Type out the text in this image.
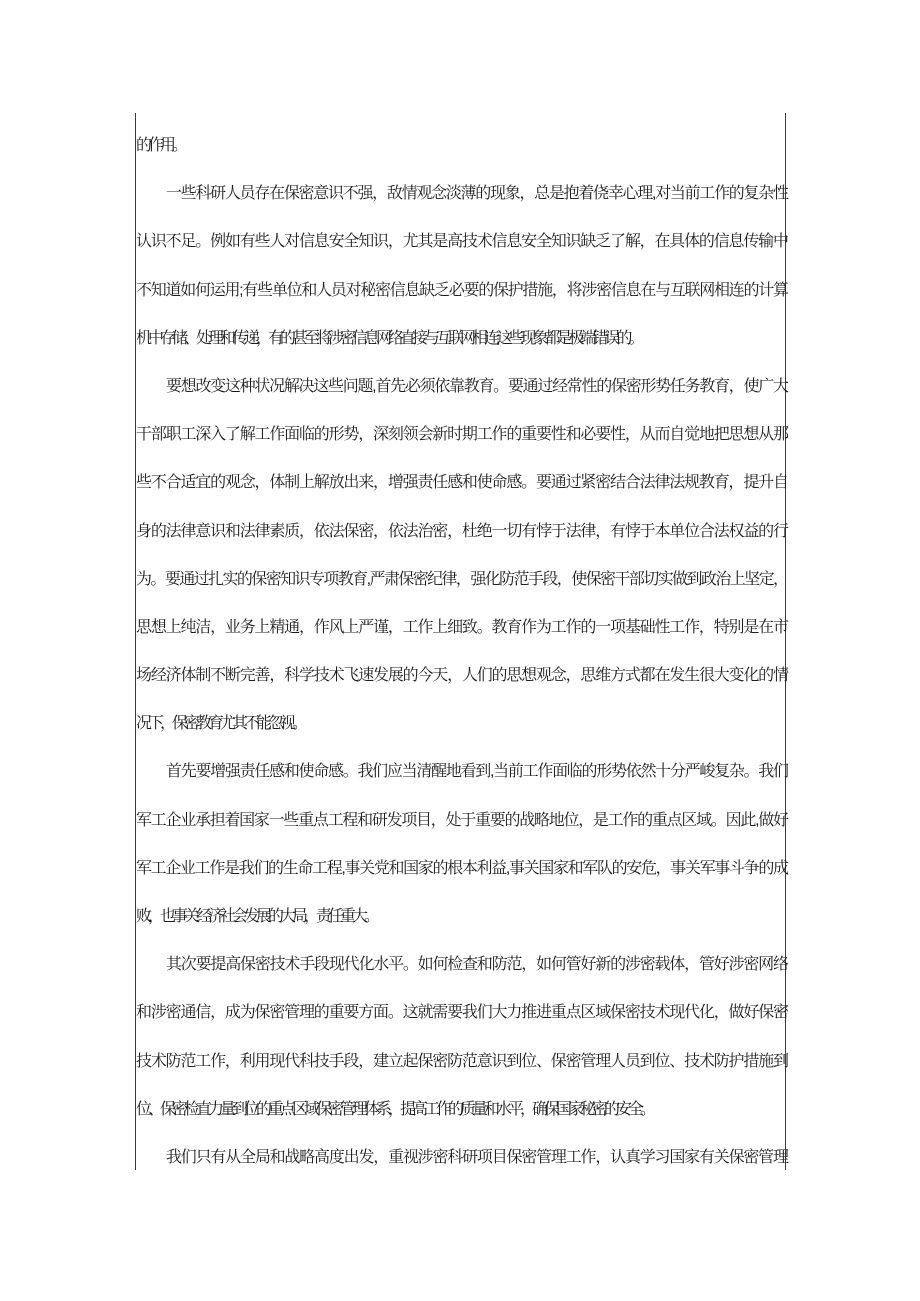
的作用。
一些科研人员存在保密意识不强，敌情观念淡薄的现象，总是抱着侥幸心理,对当前工作的复杂性
认识不足。例如有些人对信息安全知识，尤其是高技术信息安全知识缺乏了解，在具体的信息传输中
不知道如何运用;有些单位和人员对秘密信息缺乏必要的保护措施，将涉密信息在与互联网相连的计算
机中存储、处理和传递，有的甚至将涉密信息网络直接与互联网相连;这些现象都是极端错误的。
要想改变这种状况解决这些问题,首先必须依靠教育。要通过经常性的保密形势任务教育，使广大
干部职工深入了解工作面临的形势，深刻领会新时期工作的重要性和必要性，从而自觉地把思想从那
些不合适宜的观念，体制上解放出来，增强责任感和使命感。要通过紧密结合法律法规教育，提升自
身的法律意识和法律素质，依法保密，依法治密，杜绝一切有悖于法律，有悖于本单位合法权益的行
为。要通过扎实的保密知识专项教育,严肃保密纪律，强化防范手段，使保密干部切实做到政治上坚定，
思想上纯洁，业务上精通，作风上严谨，工作上细致。教育作为工作的一项基础性工作，特别是在市
场经济体制不断完善，科学技术飞速发展的今天，人们的思想观念，思维方式都在发生很大变化的情
况下，保密教育尤其不能忽视。
首先要增强责任感和使命感。我们应当清醒地看到,当前工作面临的形势依然十分严峻复杂。我们
军工企业承担着国家一些重点工程和研发项目，处于重要的战略地位，是工作的重点区域。因此,做好
军工企业工作是我们的生命工程,事关党和国家的根本利益,事关国家和军队的安危，事关军事斗争的成
败，也事关经济社会发展的大局，责任重大。
其次要提高保密技术手段现代化水平。如何检查和防范，如何管好新的涉密载体，管好涉密网络
和涉密通信，成为保密管理的重要方面。这就需要我们大力推进重点区域保密技术现代化，做好保密
技术防范工作，利用现代科技手段，建立起保密防范意识到位、保密管理人员到位、技术防护措施到
位、保密检直力量到位的重点区域保密管理体系，提高工作的质量和水平，确保国家秘密的安全。
我们只有从全局和战略高度出发，重视涉密科研项目保密管理工作，认真学习国家有关保密管理
